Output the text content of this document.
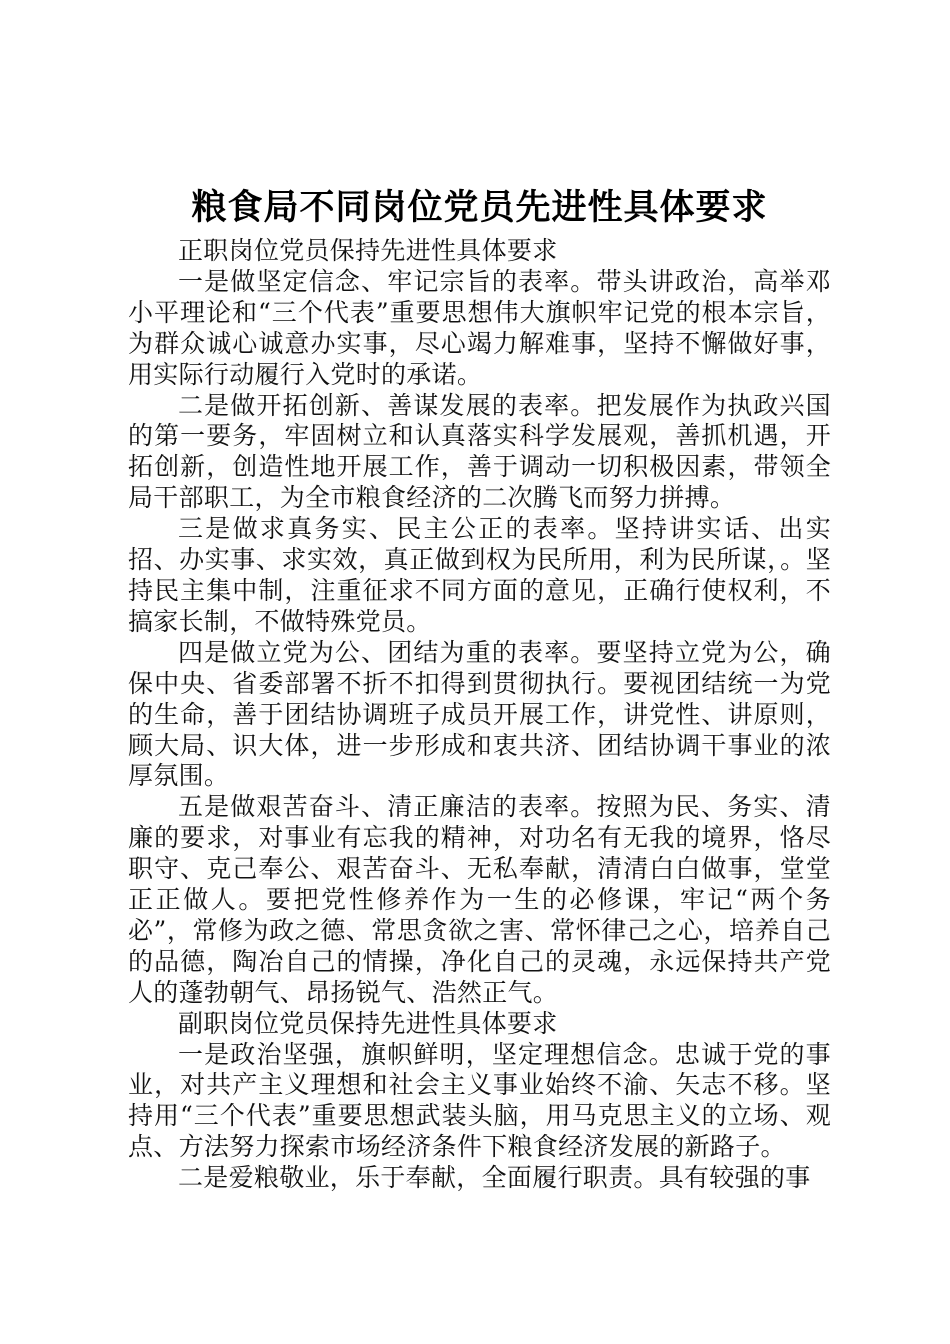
粮食局不同岗位党员先进性具体要求

正职岗位党员保持先进性具体要求

一是做坚定信念、牢记宗旨的表率。带头讲政治，高举邓小平理论和“三个代表”重要思想伟大旗帜牢记党的根本宗旨，为群众诚心诚意办实事，尽心竭力解难事，坚持不懈做好事，用实际行动履行入党时的承诺。

二是做开拓创新、善谋发展的表率。把发展作为执政兴国的第一要务，牢固树立和认真落实科学发展观，善抓机遇，开拓创新，创造性地开展工作，善于调动一切积极因素，带领全局干部职工，为全市粮食经济的二次腾飞而努力拼搏。

三是做求真务实、民主公正的表率。坚持讲实话、出实招、办实事、求实效，真正做到权为民所用，利为民所谋，。坚持民主集中制，注重征求不同方面的意见，正确行使权利，不搞家长制，不做特殊党员。

四是做立党为公、团结为重的表率。要坚持立党为公，确保中央、省委部署不折不扣得到贯彻执行。要视团结统一为党的生命，善于团结协调班子成员开展工作，讲党性、讲原则，顾大局、识大体，进一步形成和衷共济、团结协调干事业的浓厚氛围。

五是做艰苦奋斗、清正廉洁的表率。按照为民、务实、清廉的要求，对事业有忘我的精神，对功名有无我的境界，恪尽职守、克己奉公、艰苦奋斗、无私奉献，清清白白做事，堂堂正正做人。要把党性修养作为一生的必修课，牢记“两个务必”，常修为政之德、常思贪欲之害、常怀律己之心，培养自己的品德，陶冶自己的情操，净化自己的灵魂，永远保持共产党人的蓬勃朝气、昂扬锐气、浩然正气。

副职岗位党员保持先进性具体要求

一是政治坚强，旗帜鲜明，坚定理想信念。忠诚于党的事业，对共产主义理想和社会主义事业始终不渝、矢志不移。坚持用“三个代表”重要思想武装头脑，用马克思主义的立场、观点、方法努力探索市场经济条件下粮食经济发展的新路子。

二是爱粮敬业，乐于奉献，全面履行职责。具有较强的事
